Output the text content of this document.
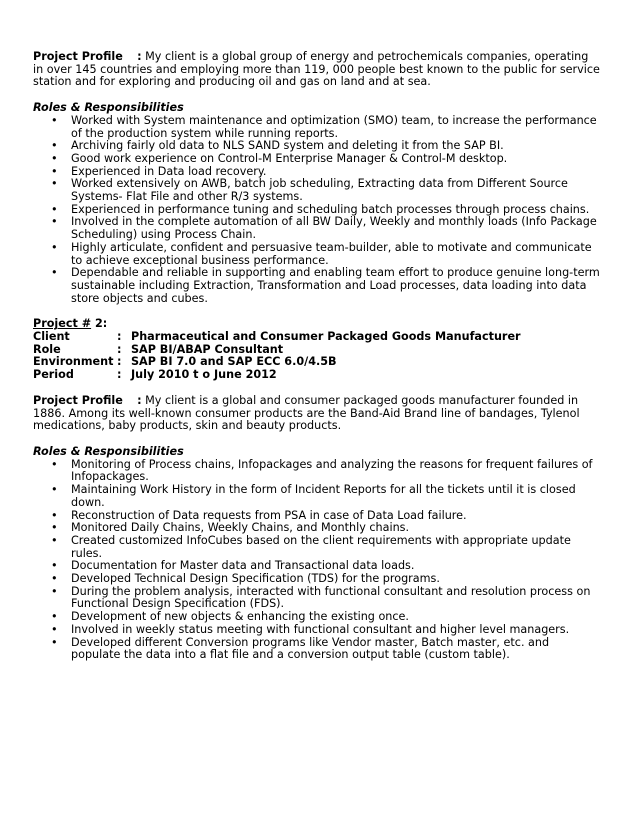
Project Profile : My client is a global group of energy and petrochemicals companies, operating in over 145 countries and employing more than 119, 000 people best known to the public for service station and for exploring and producing oil and gas on land and at sea.

Roles & Responsibilities

• Worked with System maintenance and optimization (SMO) team, to increase the performance of the production system while running reports.
• Archiving fairly old data to NLS SAND system and deleting it from the SAP BI.
• Good work experience on Control-M Enterprise Manager & Control-M desktop.
• Experienced in Data load recovery.
• Worked extensively on AWB, batch job scheduling, Extracting data from Different Source Systems- Flat File and other R/3 systems.
• Experienced in performance tuning and scheduling batch processes through process chains.
• Involved in the complete automation of all BW Daily, Weekly and monthly loads (Info Package Scheduling) using Process Chain.
• Highly articulate, confident and persuasive team-builder, able to motivate and communicate to achieve exceptional business performance.
• Dependable and reliable in supporting and enabling team effort to produce genuine long-term sustainable including Extraction, Transformation and Load processes, data loading into data store objects and cubes.

Project # 2:

Client	: Pharmaceutical and Consumer Packaged Goods Manufacturer
Role	: SAP BI/ABAP Consultant
Environment : SAP BI 7.0 and SAP ECC 6.0/4.5B
Period	: July 2010 t o June 2012

Project Profile : My client is a global and consumer packaged goods manufacturer founded in 1886. Among its well-known consumer products are the Band-Aid Brand line of bandages, Tylenol medications, baby products, skin and beauty products.

Roles & Responsibilities

• Monitoring of Process chains, Infopackages and analyzing the reasons for frequent failures of Infopackages.
• Maintaining Work History in the form of Incident Reports for all the tickets until it is closed down.
• Reconstruction of Data requests from PSA in case of Data Load failure.
• Monitored Daily Chains, Weekly Chains, and Monthly chains.
• Created customized InfoCubes based on the client requirements with appropriate update rules.
• Documentation for Master data and Transactional data loads.
• Developed Technical Design Specification (TDS) for the programs.
• During the problem analysis, interacted with functional consultant and resolution process on Functional Design Specification (FDS).
• Development of new objects & enhancing the existing once.
• Involved in weekly status meeting with functional consultant and higher level managers.
• Developed different Conversion programs like Vendor master, Batch master, etc. and populate the data into a flat file and a conversion output table (custom table).
